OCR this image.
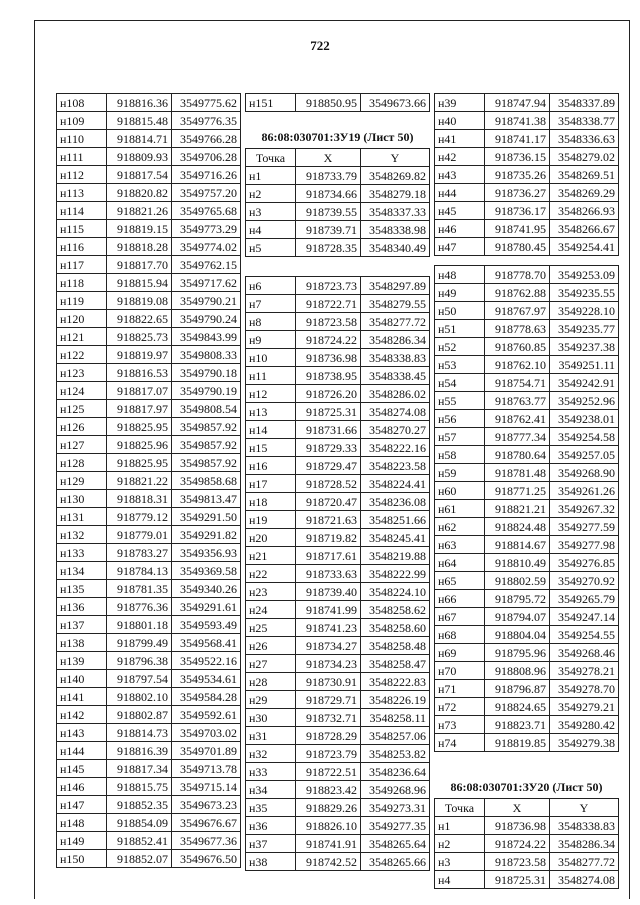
722
н108	918816.36	3549775.62
н109	918815.48	3549776.35
н110	918814.71	3549766.28
н111	918809.93	3549706.28
н112	918817.54	3549716.26
н113	918820.82	3549757.20
н114	918821.26	3549765.68
н115	918819.15	3549773.29
н116	918818.28	3549774.02
н117	918817.70	3549762.15
н118	918815.94	3549717.62
н119	918819.08	3549790.21
н120	918822.65	3549790.24
н121	918825.73	3549843.99
н122	918819.97	3549808.33
н123	918816.53	3549790.18
н124	918817.07	3549790.19
н125	918817.97	3549808.54
н126	918825.95	3549857.92
н127	918825.96	3549857.92
н128	918825.95	3549857.92
н129	918821.22	3549858.68
н130	918818.31	3549813.47
н131	918779.12	3549291.50
н132	918779.01	3549291.82
н133	918783.27	3549356.93
н134	918784.13	3549369.58
н135	918781.35	3549340.26
н136	918776.36	3549291.61
н137	918801.18	3549593.49
н138	918799.49	3549568.41
н139	918796.38	3549522.16
н140	918797.54	3549534.61
н141	918802.10	3549584.28
н142	918802.87	3549592.61
н143	918814.73	3549703.02
н144	918816.39	3549701.89
н145	918817.34	3549713.78
н146	918815.75	3549715.14
н147	918852.35	3549673.23
н148	918854.09	3549676.67
н149	918852.41	3549677.36
н150	918852.07	3549676.50
н151	918850.95	3549673.66
86:08:030701:ЗУ19 (Лист 50)
Точка	X	Y
н1	918733.79	3548269.82
н2	918734.66	3548279.18
н3	918739.55	3548337.33
н4	918739.71	3548338.98
н5	918728.35	3548340.49
н6	918723.73	3548297.89
н7	918722.71	3548279.55
н8	918723.58	3548277.72
н9	918724.22	3548286.34
н10	918736.98	3548338.83
н11	918738.95	3548338.45
н12	918726.20	3548286.02
н13	918725.31	3548274.08
н14	918731.66	3548270.27
н15	918729.33	3548222.16
н16	918729.47	3548223.58
н17	918728.52	3548224.41
н18	918720.47	3548236.08
н19	918721.63	3548251.66
н20	918719.82	3548245.41
н21	918717.61	3548219.88
н22	918733.63	3548222.99
н23	918739.40	3548224.10
н24	918741.99	3548258.62
н25	918741.23	3548258.60
н26	918734.27	3548258.48
н27	918734.23	3548258.47
н28	918730.91	3548222.83
н29	918729.71	3548226.19
н30	918732.71	3548258.11
н31	918728.29	3548257.06
н32	918723.79	3548253.82
н33	918722.51	3548236.64
н34	918823.42	3549268.96
н35	918829.26	3549273.31
н36	918826.10	3549277.35
н37	918741.91	3548265.64
н38	918742.52	3548265.66
н39	918747.94	3548337.89
н40	918741.38	3548338.77
н41	918741.17	3548336.63
н42	918736.15	3548279.02
н43	918735.26	3548269.51
н44	918736.27	3548269.29
н45	918736.17	3548266.93
н46	918741.95	3548266.67
н47	918780.45	3549254.41
н48	918778.70	3549253.09
н49	918762.88	3549235.55
н50	918767.97	3549228.10
н51	918778.63	3549235.77
н52	918760.85	3549237.38
н53	918762.10	3549251.11
н54	918754.71	3549242.91
н55	918763.77	3549252.96
н56	918762.41	3549238.01
н57	918777.34	3549254.58
н58	918780.64	3549257.05
н59	918781.48	3549268.90
н60	918771.25	3549261.26
н61	918821.21	3549267.32
н62	918824.48	3549277.59
н63	918814.67	3549277.98
н64	918810.49	3549276.85
н65	918802.59	3549270.92
н66	918795.72	3549265.79
н67	918794.07	3549247.14
н68	918804.04	3549254.55
н69	918795.96	3549268.46
н70	918808.96	3549278.21
н71	918796.87	3549278.70
н72	918824.65	3549279.21
н73	918823.71	3549280.42
н74	918819.85	3549279.38
86:08:030701:ЗУ20 (Лист 50)
Точка	X	Y
н1	918736.98	3548338.83
н2	918724.22	3548286.34
н3	918723.58	3548277.72
н4	918725.31	3548274.08
